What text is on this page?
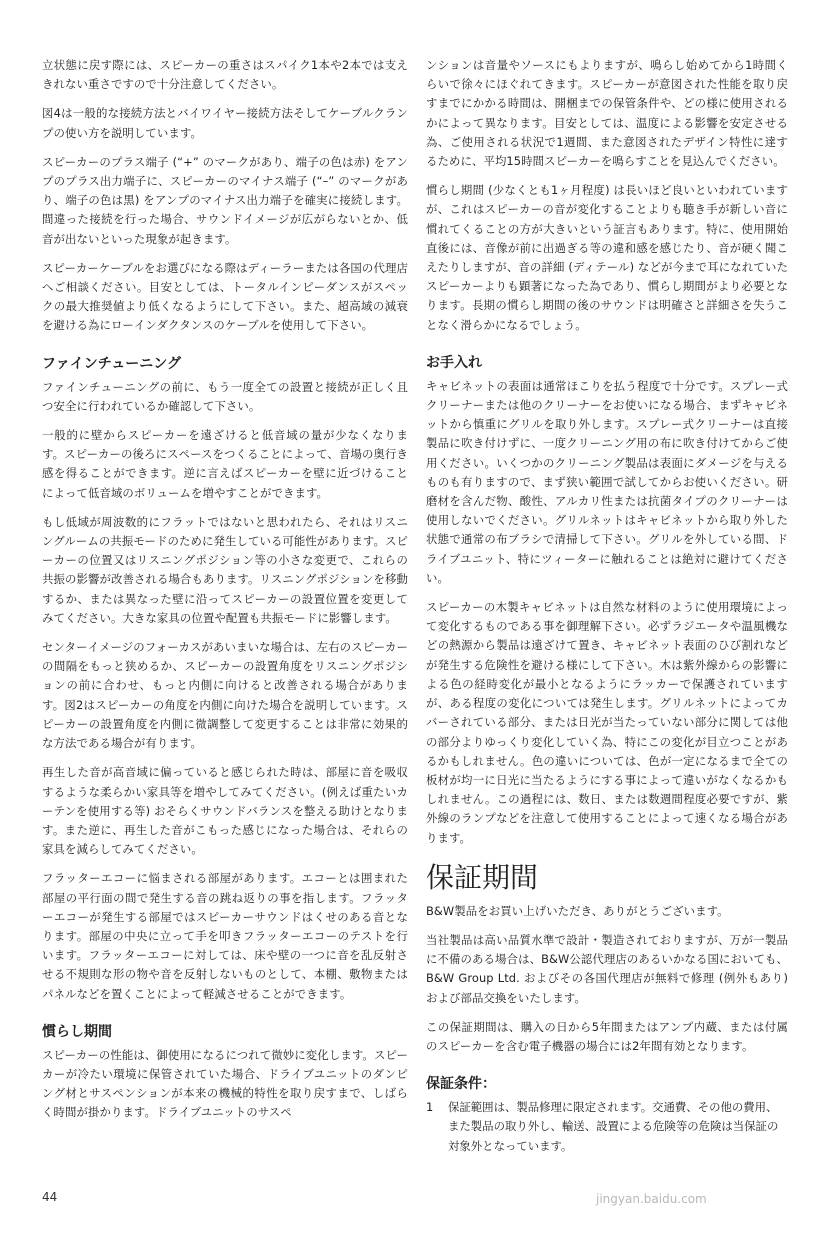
立状態に戻す際には、スピーカーの重さはスパイク1本や2本では支えきれない重さですので十分注意してください。

図4は一般的な接続方法とバイワイヤー接続方法そしてケーブルクランプの使い方を説明しています。

スピーカーのプラス端子 (“+” のマークがあり、端子の色は赤) をアンプのプラス出力端子に、スピーカーのマイナス端子 (“–” のマークがあり、端子の色は黒) をアンプのマイナス出力端子を確実に接続します。間違った接続を行った場合、サウンドイメージが広がらないとか、低音が出ないといった現象が起きます。

スピーカーケーブルをお選びになる際はディーラーまたは各国の代理店へご相談ください。目安としては、トータルインピーダンスがスペックの最大推奨値より低くなるようにして下さい。また、超高域の減衰を避ける為にローインダクタンスのケーブルを使用して下さい。

ファインチューニング

ファインチューニングの前に、もう一度全ての設置と接続が正しく且つ安全に行われているか確認して下さい。

一般的に壁からスピーカーを遠ざけると低音域の量が少なくなります。スピーカーの後ろにスペースをつくることによって、音場の奥行き感を得ることができます。逆に言えばスピーカーを壁に近づけることによって低音域のボリュームを増やすことができます。

もし低域が周波数的にフラットではないと思われたら、それはリスニングルームの共振モードのために発生している可能性があります。スピーカーの位置又はリスニングポジション等の小さな変更で、これらの共振の影響が改善される場合もあります。リスニングポジションを移動するか、または異なった壁に沿ってスピーカーの設置位置を変更してみてください。大きな家具の位置や配置も共振モードに影響します。

センターイメージのフォーカスがあいまいな場合は、左右のスピーカーの間隔をもっと狭めるか、スピーカーの設置角度をリスニングポジションの前に合わせ、もっと内側に向けると改善される場合があります。図2はスピーカーの角度を内側に向けた場合を説明しています。スピーカーの設置角度を内側に微調整して変更することは非常に効果的な方法である場合が有ります。

再生した音が高音域に偏っていると感じられた時は、部屋に音を吸収するような柔らかい家具等を増やしてみてください。(例えば重たいカーテンを使用する等) おそらくサウンドバランスを整える助けとなります。また逆に、再生した音がこもった感じになった場合は、それらの家具を減らしてみてください。

フラッターエコーに悩まされる部屋があります。エコーとは囲まれた部屋の平行面の間で発生する音の跳ね返りの事を指します。フラッターエコーが発生する部屋ではスピーカーサウンドはくせのある音となります。部屋の中央に立って手を叩きフラッターエコーのテストを行います。フラッターエコーに対しては、床や壁の一つに音を乱反射させる不規則な形の物や音を反射しないものとして、本棚、敷物またはパネルなどを置くことによって軽減させることができます。

慣らし期間

スピーカーの性能は、御使用になるにつれて微妙に変化します。スピーカーが冷たい環境に保管されていた場合、ドライブユニットのダンピング材とサスペンションが本来の機械的特性を取り戻すまで、しばらく時間が掛かります。ドライブユニットのサスペ

ンションは音量やソースにもよりますが、鳴らし始めてから1時間くらいで徐々にほぐれてきます。スピーカーが意図された性能を取り戻すまでにかかる時間は、開梱までの保管条件や、どの様に使用されるかによって異なります。目安としては、温度による影響を安定させる為、ご使用される状況で1週間、また意図されたデザイン特性に達するために、平均15時間スピーカーを鳴らすことを見込んでください。

慣らし期間 (少なくとも1ヶ月程度) は長いほど良いといわれていますが、これはスピーカーの音が変化することよりも聴き手が新しい音に慣れてくることの方が大きいという証言もあります。特に、使用開始直後には、音像が前に出過ぎる等の違和感を感じたり、音が硬く聞こえたりしますが、音の詳細 (ディテール) などが今まで耳になれていたスピーカーよりも顕著になった為であり、慣らし期間がより必要となります。長期の慣らし期間の後のサウンドは明確さと詳細さを失うことなく滑らかになるでしょう。

お手入れ

キャビネットの表面は通常ほこりを払う程度で十分です。スプレー式クリーナーまたは他のクリーナーをお使いになる場合、まずキャビネットから慎重にグリルを取り外します。スプレー式クリーナーは直接製品に吹き付けずに、一度クリーニング用の布に吹き付けてからご使用ください。いくつかのクリーニング製品は表面にダメージを与えるものも有りますので、まず狭い範囲で試してからお使いください。研磨材を含んだ物、酸性、アルカリ性または抗菌タイプのクリーナーは使用しないでください。グリルネットはキャビネットから取り外した状態で通常の布ブラシで清掃して下さい。グリルを外している間、ドライブユニット、特にツィーターに触れることは絶対に避けてください。

スピーカーの木製キャビネットは自然な材料のように使用環境によって変化するものである事を御理解下さい。必ずラジエータや温風機などの熱源から製品は遠ざけて置き、キャビネット表面のひび割れなどが発生する危険性を避ける様にして下さい。木は紫外線からの影響による色の経時変化が最小となるようにラッカーで保護されていますが、ある程度の変化については発生します。グリルネットによってカバーされている部分、または日光が当たっていない部分に関しては他の部分よりゆっくり変化していく為、特にこの変化が目立つことがあるかもしれません。色の違いについては、色が一定になるまで全ての板材が均一に日光に当たるようにする事によって違いがなくなるかもしれません。この過程には、数日、または数週間程度必要ですが、紫外線のランプなどを注意して使用することによって速くなる場合があります。

保証期間

B&W製品をお買い上げいただき、ありがとうございます。

当社製品は高い品質水準で設計・製造されておりますが、万が一製品に不備のある場合は、B&W公認代理店のあるいかなる国においても、B&W Group Ltd. およびその各国代理店が無料で修理 (例外もあり) および部品交換をいたします。

この保証期間は、購入の日から5年間またはアンプ内蔵、または付属のスピーカーを含む電子機器の場合には2年間有効となります。

保証条件：
1	保証範囲は、製品修理に限定されます。交通費、その他の費用、また製品の取り外し、輸送、設置による危険等の危険は当保証の対象外となっています。
44	jingyan.baidu.com
